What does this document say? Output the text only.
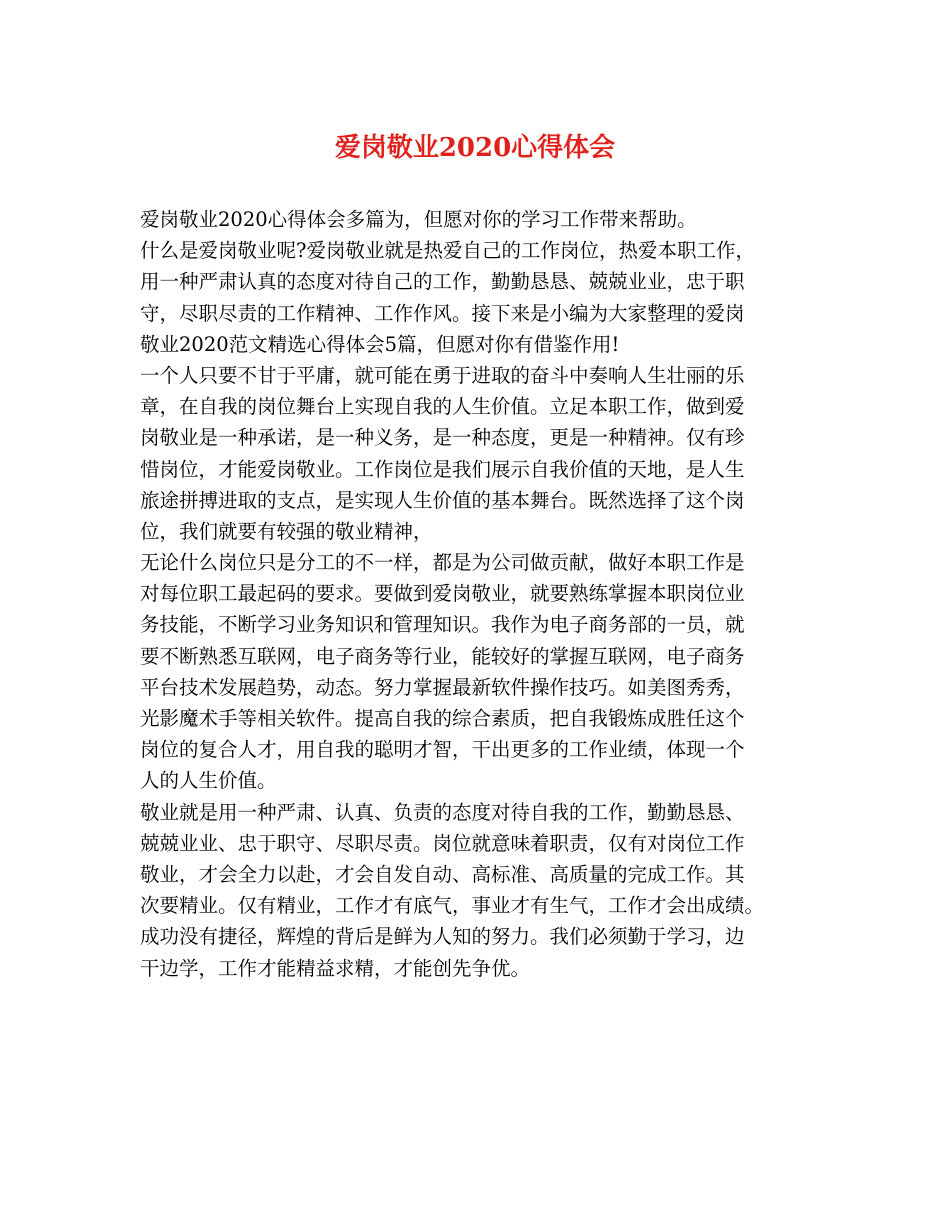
爱岗敬业2020心得体会

爱岗敬业2020心得体会多篇为，但愿对你的学习工作带来帮助。

什么是爱岗敬业呢?爱岗敬业就是热爱自己的工作岗位，热爱本职工作，
用一种严肃认真的态度对待自己的工作，勤勤恳恳、兢兢业业，忠于职
守，尽职尽责的工作精神、工作作风。接下来是小编为大家整理的爱岗
敬业2020范文精选心得体会5篇，但愿对你有借鉴作用!

一个人只要不甘于平庸，就可能在勇于进取的奋斗中奏响人生壮丽的乐
章，在自我的岗位舞台上实现自我的人生价值。立足本职工作，做到爱
岗敬业是一种承诺，是一种义务，是一种态度，更是一种精神。仅有珍
惜岗位，才能爱岗敬业。工作岗位是我们展示自我价值的天地，是人生
旅途拼搏进取的支点，是实现人生价值的基本舞台。既然选择了这个岗
位，我们就要有较强的敬业精神，

无论什么岗位只是分工的不一样，都是为公司做贡献，做好本职工作是
对每位职工最起码的要求。要做到爱岗敬业，就要熟练掌握本职岗位业
务技能，不断学习业务知识和管理知识。我作为电子商务部的一员，就
要不断熟悉互联网，电子商务等行业，能较好的掌握互联网，电子商务
平台技术发展趋势，动态。努力掌握最新软件操作技巧。如美图秀秀，
光影魔术手等相关软件。提高自我的综合素质，把自我锻炼成胜任这个
岗位的复合人才，用自我的聪明才智，干出更多的工作业绩，体现一个
人的人生价值。

敬业就是用一种严肃、认真、负责的态度对待自我的工作，勤勤恳恳、
兢兢业业、忠于职守、尽职尽责。岗位就意味着职责，仅有对岗位工作
敬业，才会全力以赴，才会自发自动、高标准、高质量的完成工作。其
次要精业。仅有精业，工作才有底气，事业才有生气，工作才会出成绩。
成功没有捷径，辉煌的背后是鲜为人知的努力。我们必须勤于学习，边
干边学，工作才能精益求精，才能创先争优。
